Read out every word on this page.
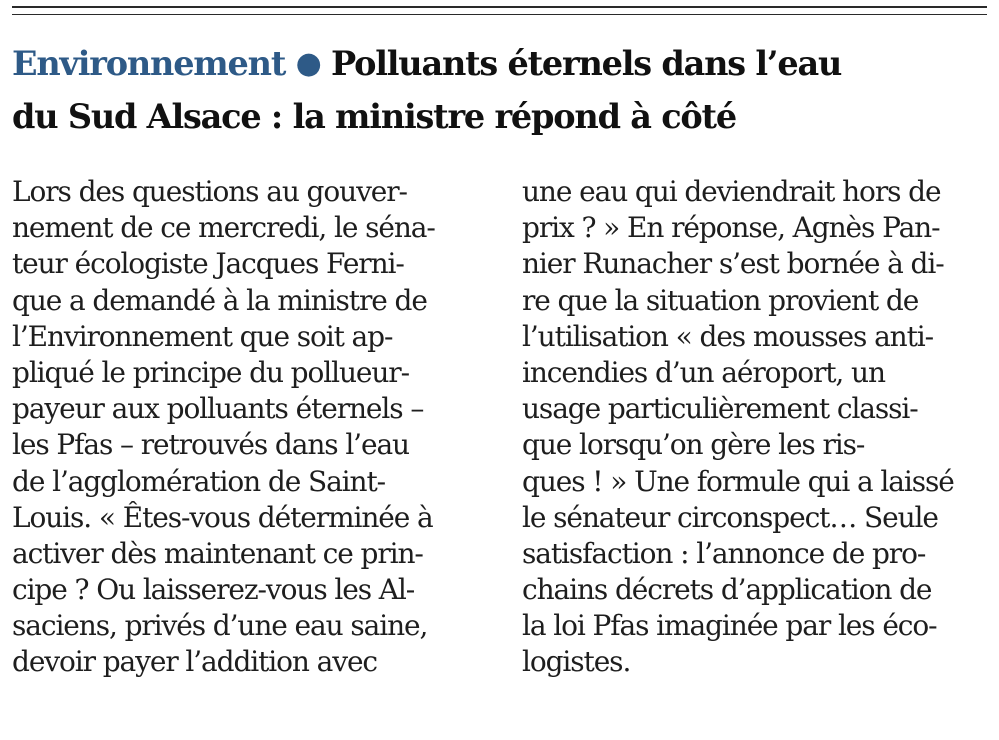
Environnement ● Polluants éternels dans l’eau
du Sud Alsace : la ministre répond à côté
Lors des questions au gouver-
nement de ce mercredi, le séna-
teur écologiste Jacques Ferni-
que a demandé à la ministre de
l’Environnement que soit ap-
pliqué le principe du pollueur-
payeur aux polluants éternels –
les Pfas – retrouvés dans l’eau
de l’agglomération de Saint-
Louis. « Êtes-vous déterminée à
activer dès maintenant ce prin-
cipe ? Ou laisserez-vous les Al-
saciens, privés d’une eau saine,
devoir payer l’addition avec
une eau qui deviendrait hors de
prix ? » En réponse, Agnès Pan-
nier Runacher s’est bornée à di-
re que la situation provient de
l’utilisation « des mousses anti-
incendies d’un aéroport, un
usage particulièrement classi-
que lorsqu’on gère les ris-
ques ! » Une formule qui a laissé
le sénateur circonspect… Seule
satisfaction : l’annonce de pro-
chains décrets d’application de
la loi Pfas imaginée par les éco-
logistes.
